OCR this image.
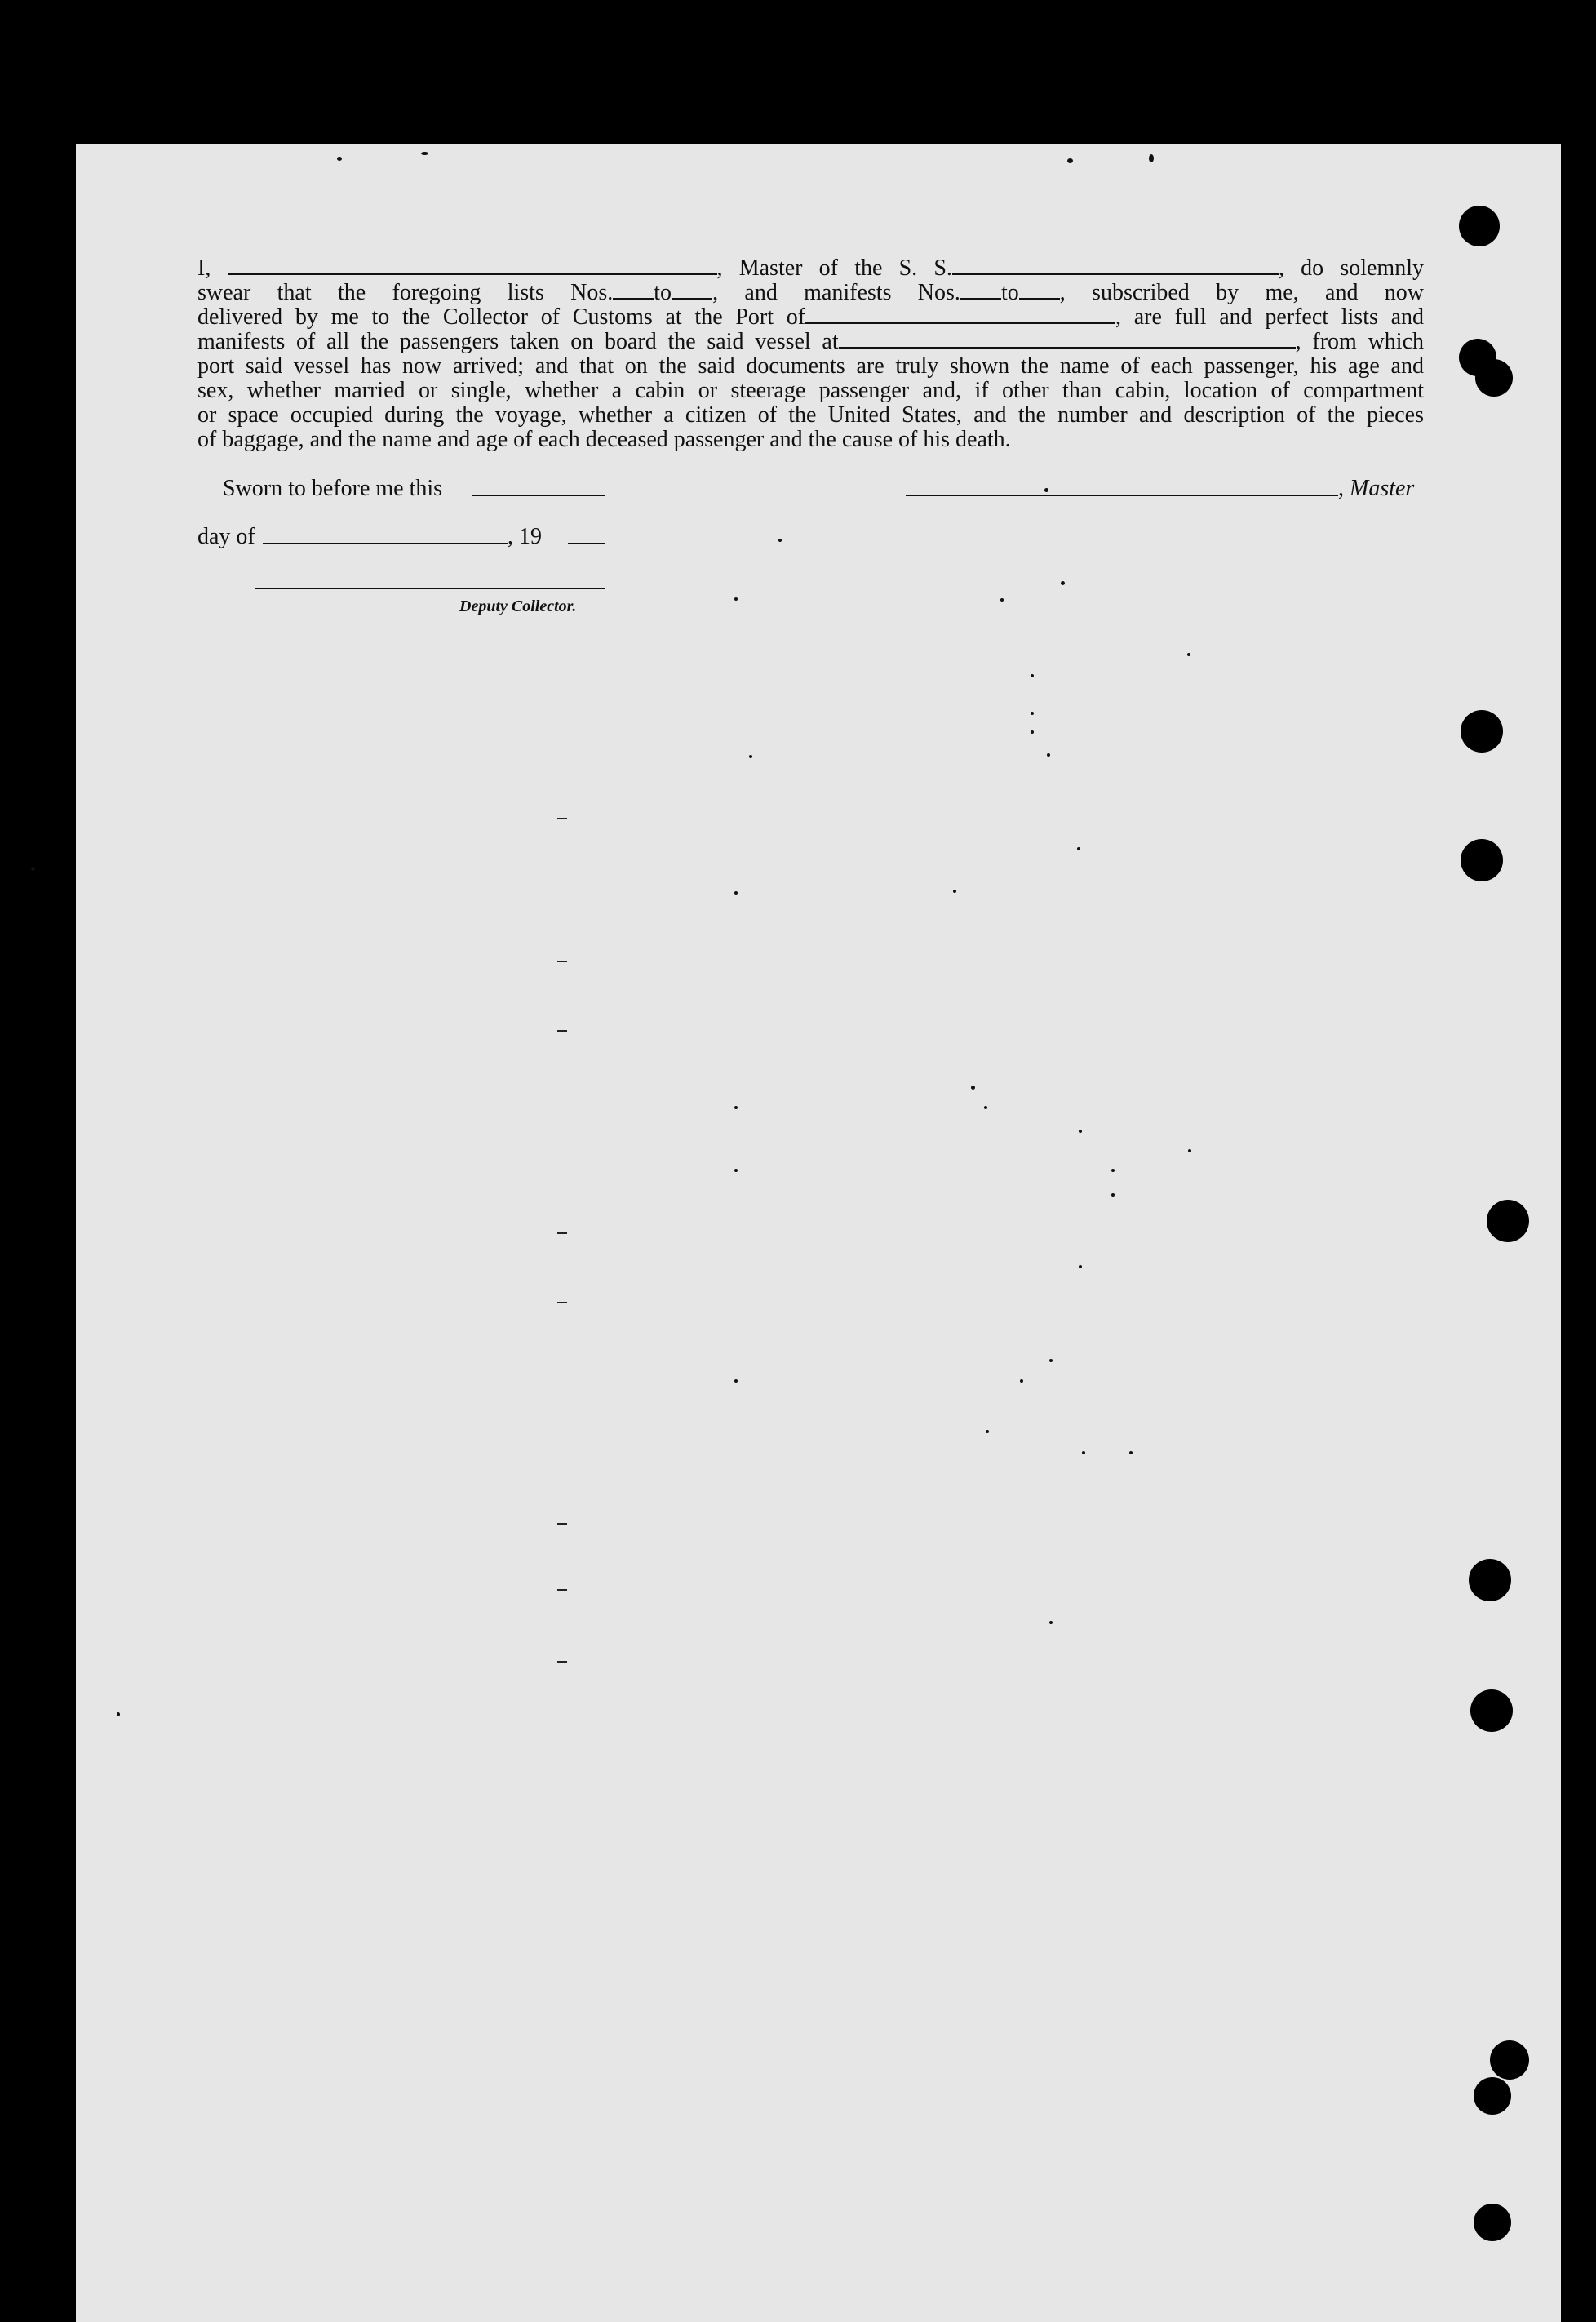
I,	, Master of the S. S.	, do solemnly
swear that the foregoing lists Nos. to , and manifests Nos. to , subscribed by me, and now
delivered by me to the Collector of Customs at the Port of	, are full and perfect lists and
manifests of all the passengers taken on board the said vessel at	, from which
port said vessel has now arrived; and that on the said documents are truly shown the name of each passenger, his age and
sex, whether married or single, whether a cabin or steerage passenger and, if other than cabin, location of compartment
or space occupied during the voyage, whether a citizen of the United States, and the number and description of the pieces
of baggage, and the name and age of each deceased passenger and the cause of his death.
Sworn to before me this
day of	, 19
Deputy Collector.
, Master
